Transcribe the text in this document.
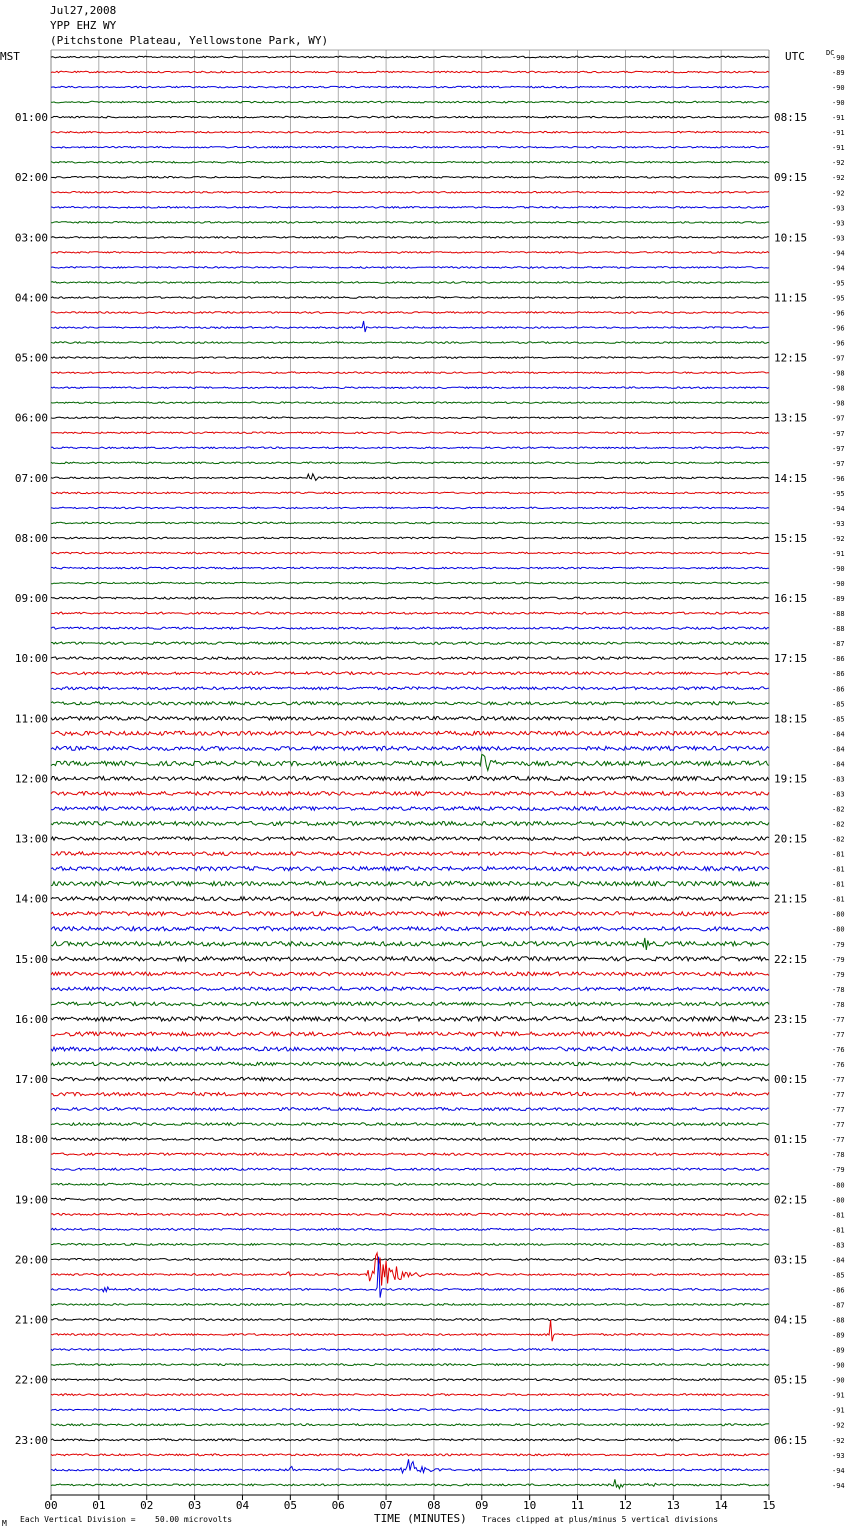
Jul27,2008
YPP EHZ WY
(Pitchstone Plateau, Yellowstone Park, WY)
MST	UTC	DC
00	01	02	03	04	05	06	07	08	09	10	11	12	13	14	15
01:00
02:00
03:00
04:00
05:00
06:00
07:00
08:00
09:00
10:00
11:00
12:00
13:00
14:00
15:00
16:00
17:00
18:00
19:00
20:00
21:00
22:00
23:00
08:15
09:15
10:15
11:15
12:15
13:15
14:15
15:15
16:15
17:15
18:15
19:15
20:15
21:15
22:15
23:15
00:15
01:15
02:15
03:15
04:15
05:15
06:15
-90
-89
-90
-90
-91
-91
-91
-92
-92
-92
-93
-93
-93
-94
-94
-95
-95
-96
-96
-96
-97
-98
-98
-98
-97
-97
-97
-97
-96
-95
-94
-93
-92
-91
-90
-90
-89
-88
-88
-87
-86
-86
-86
-85
-85
-84
-84
-84
-83
-83
-82
-82
-82
-81
-81
-81
-81
-80
-80
-79
-79
-79
-78
-78
-77
-77
-76
-76
-77
-77
-77
-77
-77
-78
-79
-80
-80
-81
-81
-83
-84
-85
-86
-87
-88
-89
-89
-90
-90
-91
-91
-92
-92
-93
-94
-94
M Each Vertical Division = 50.00 microvolts	TIME (MINUTES) Traces clipped at plus/minus 5 vertical divisions
